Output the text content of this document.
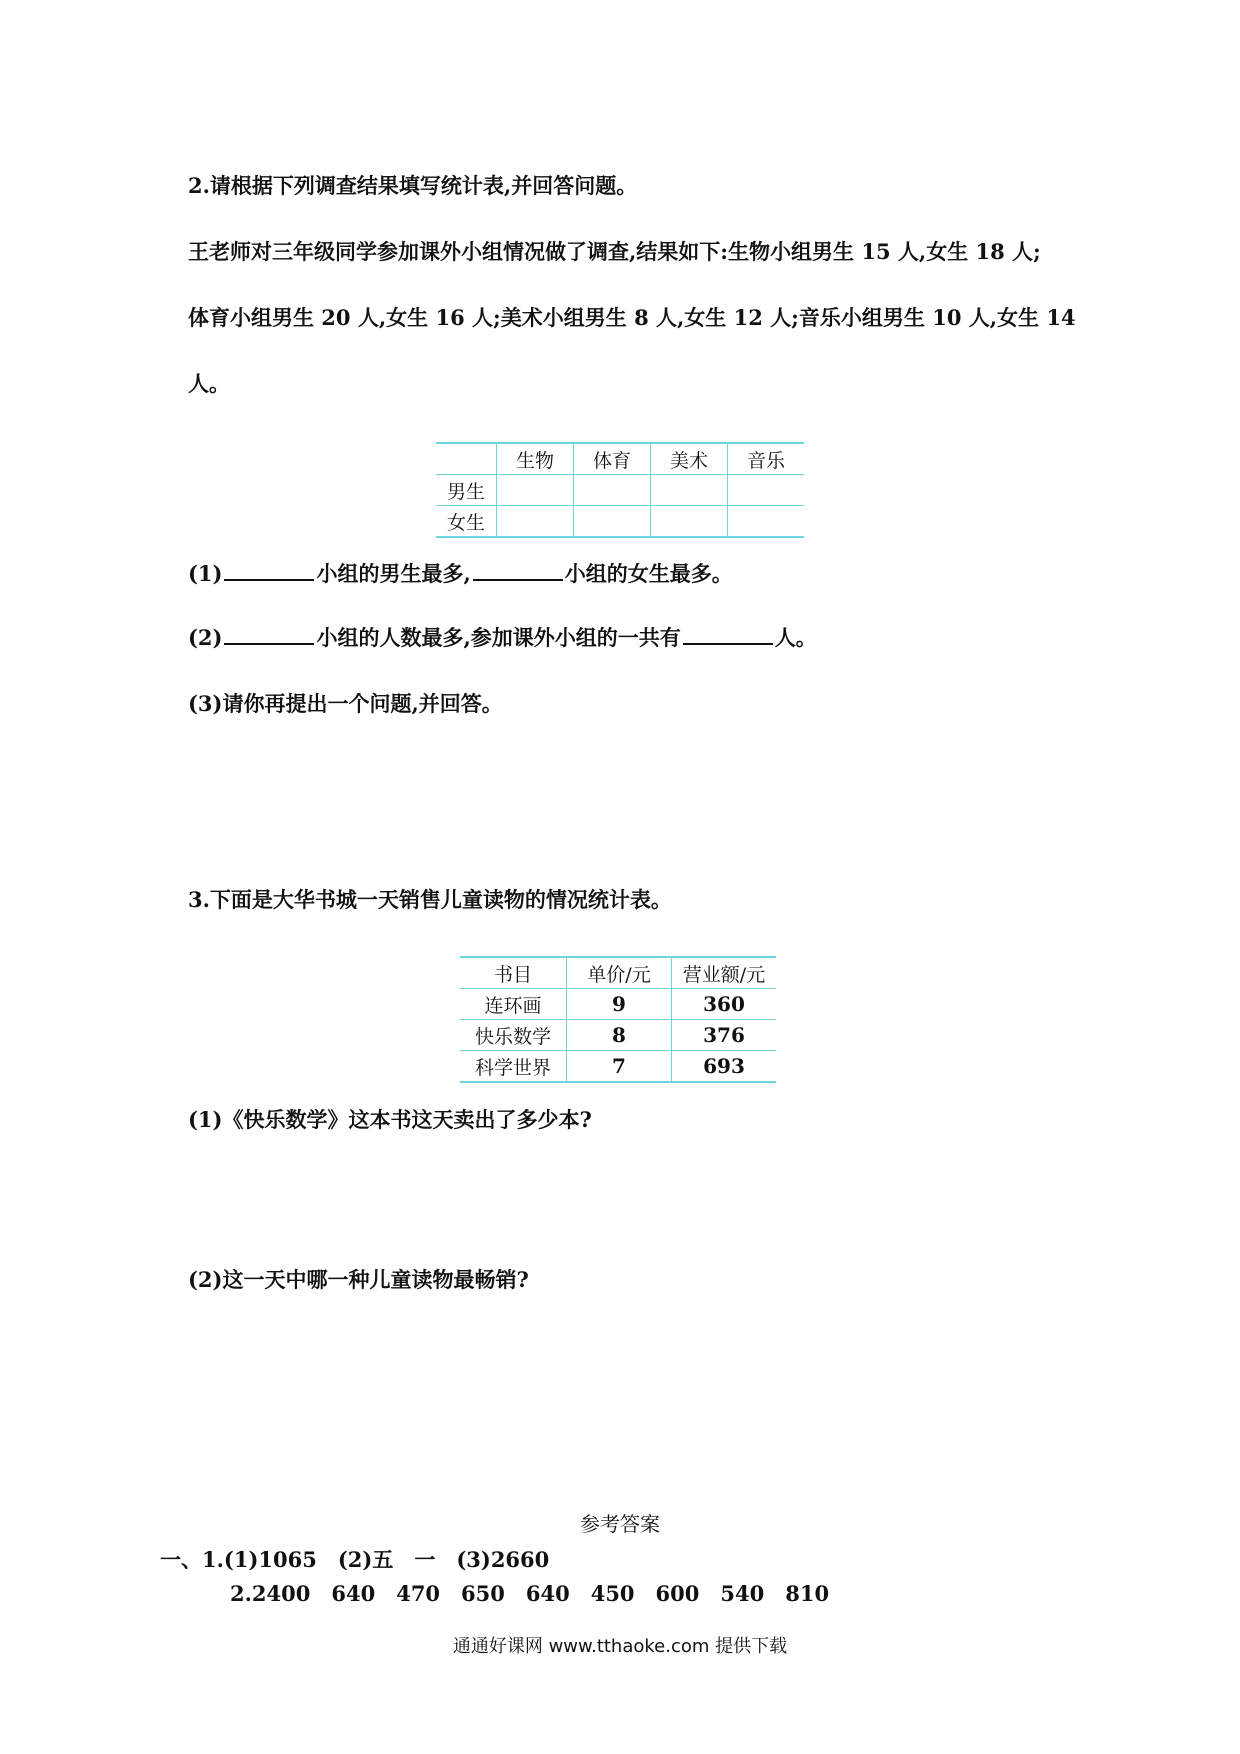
2.请根据下列调查结果填写统计表,并回答问题。
王老师对三年级同学参加课外小组情况做了调查,结果如下:生物小组男生 15 人,女生 18 人;
体育小组男生 20 人,女生 16 人;美术小组男生 8 人,女生 12 人;音乐小组男生 10 人,女生 14
人。
	生物	体育	美术	音乐
男生				
女生				
(1)	小组的男生最多,	小组的女生最多。
(2)	小组的人数最多,参加课外小组的一共有	人。
(3)请你再提出一个问题,并回答。
3.下面是大华书城一天销售儿童读物的情况统计表。
书目	单价/元	营业额/元
连环画	9	360
快乐数学	8	376
科学世界	7	693
(1)《快乐数学》这本书这天卖出了多少本?
(2)这一天中哪一种儿童读物最畅销?
参考答案
一、1.(1)1065　(2)五　一　(3)2660
2.2400　640　470　650　640　450　600　540　810
通通好课网 www.tthaoke.com 提供下载
